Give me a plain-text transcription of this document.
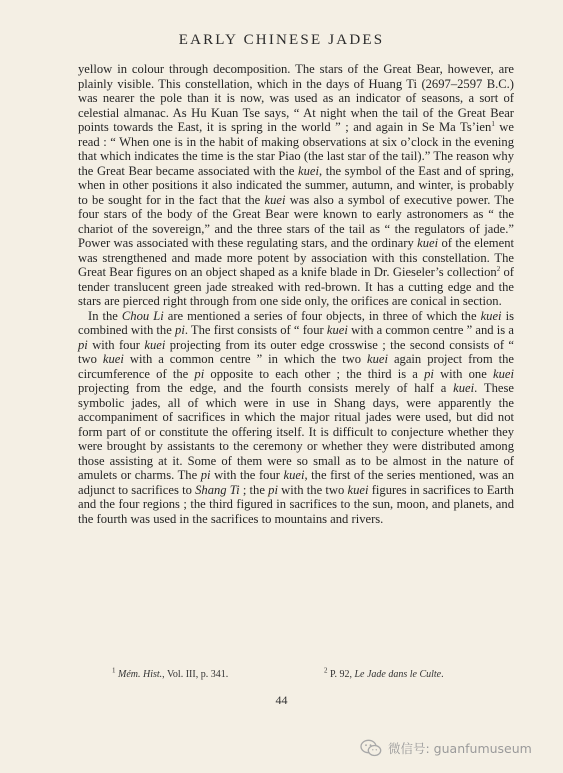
EARLY CHINESE JADES

yellow in colour through decomposition. The stars of the Great Bear, however, are plainly visible. This constellation, which in the days of Huang Ti (2697–2597 B.C.) was nearer the pole than it is now, was used as an indicator of seasons, a sort of celestial almanac. As Hu Kuan Tse says, “ At night when the tail of the Great Bear points towards the East, it is spring in the world ” ; and again in Se Ma Ts’ien$^1$ we read : “ When one is in the habit of making observations at six o’clock in the evening that which indicates the time is the star Piao (the last star of the tail).” The reason why the Great Bear became associated with the kuei, the symbol of the East and of spring, when in other positions it also indicated the summer, autumn, and winter, is probably to be sought for in the fact that the kuei was also a symbol of executive power. The four stars of the body of the Great Bear were known to early astronomers as “ the chariot of the sovereign,” and the three stars of the tail as “ the regulators of jade.” Power was associated with these regulating stars, and the ordinary kuei of the element was strengthened and made more potent by association with this constellation. The Great Bear figures on an object shaped as a knife blade in Dr. Gieseler’s collection$^2$ of tender translucent green jade streaked with red-brown. It has a cutting edge and the stars are pierced right through from one side only, the orifices are conical in section.

In the Chou Li are mentioned a series of four objects, in three of which the kuei is combined with the pi. The first consists of “ four kuei with a common centre ” and is a pi with four kuei projecting from its outer edge crosswise ; the second consists of “ two kuei with a common centre ” in which the two kuei again project from the circumference of the pi opposite to each other ; the third is a pi with one kuei projecting from the edge, and the fourth consists merely of half a kuei. These symbolic jades, all of which were in use in Shang days, were apparently the accompaniment of sacrifices in which the major ritual jades were used, but did not form part of or constitute the offering itself. It is difficult to conjecture whether they were brought by assistants to the ceremony or whether they were distributed among those assisting at it. Some of them were so small as to be almost in the nature of amulets or charms. The pi with the four kuei, the first of the series mentioned, was an adjunct to sacrifices to Shang Ti ; the pi with the two kuei figures in sacrifices to Earth and the four regions ; the third figured in sacrifices to the sun, moon, and planets, and the fourth was used in the sacrifices to mountains and rivers.

$^1$ Mém. Hist., Vol. III, p. 341.	$^2$ P. 92, Le Jade dans le Culte.
44
微信号: guanfumuseum
